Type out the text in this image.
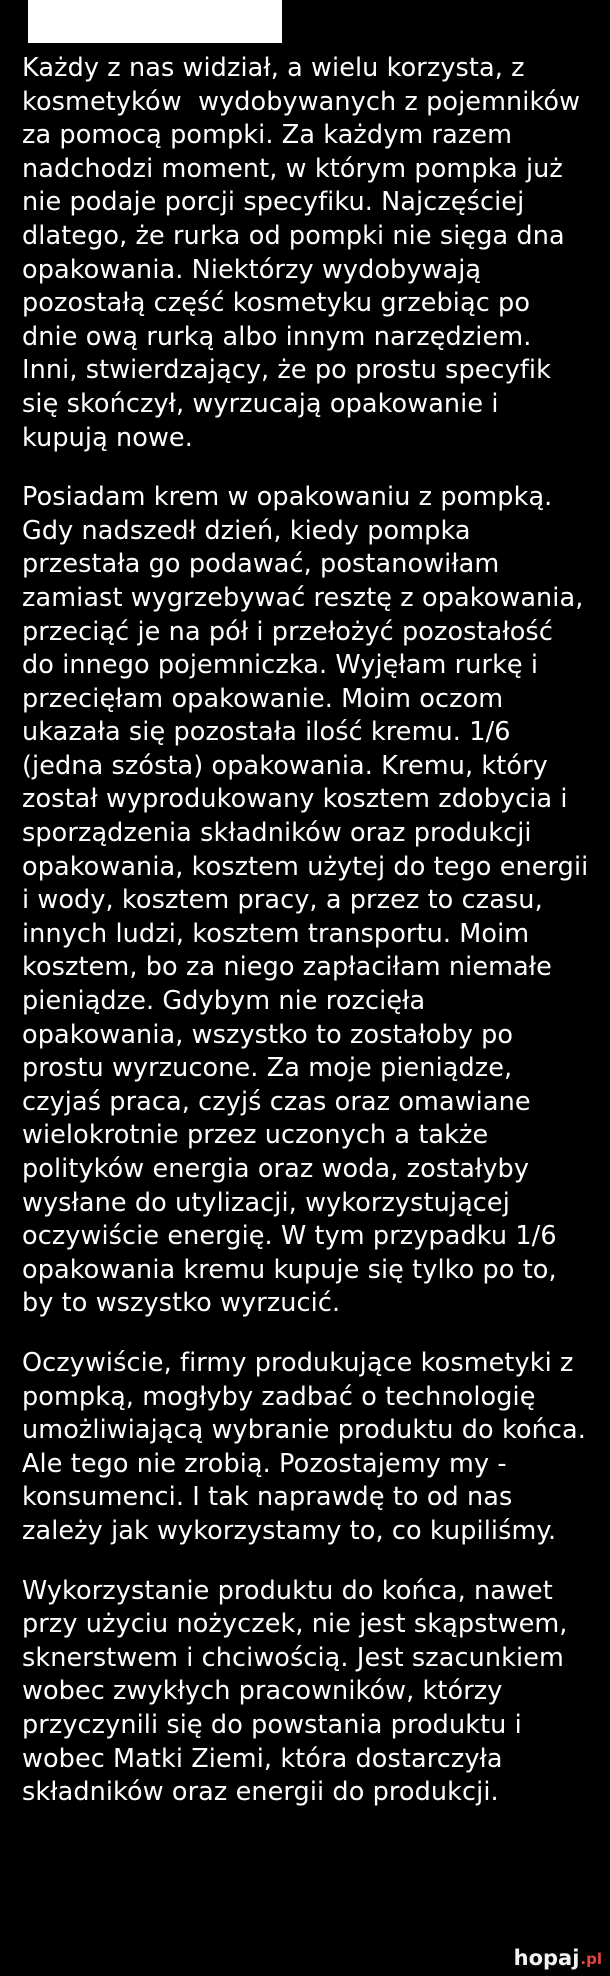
Każdy z nas widział, a wielu korzysta, z kosmetyków  wydobywanych z pojemników za pomocą pompki. Za każdym razem nadchodzi moment, w którym pompka już nie podaje porcji specyfiku. Najczęściej dlatego, że rurka od pompki nie sięga dna opakowania. Niektórzy wydobywają pozostałą część kosmetyku grzebiąc po dnie ową rurką albo innym narzędziem. Inni, stwierdzający, że po prostu specyfik się skończył, wyrzucają opakowanie i kupują nowe.

Posiadam krem w opakowaniu z pompką. Gdy nadszedł dzień, kiedy pompka przestała go podawać, postanowiłam zamiast wygrzebywać resztę z opakowania, przeciąć je na pół i przełożyć pozostałość do innego pojemniczka. Wyjęłam rurkę i przecięłam opakowanie. Moim oczom ukazała się pozostała ilość kremu. 1/6 (jedna szósta) opakowania. Kremu, który został wyprodukowany kosztem zdobycia i sporządzenia składników oraz produkcji opakowania, kosztem użytej do tego energii i wody, kosztem pracy, a przez to czasu, innych ludzi, kosztem transportu. Moim kosztem, bo za niego zapłaciłam niemałe pieniądze. Gdybym nie rozcięła opakowania, wszystko to zostałoby po prostu wyrzucone. Za moje pieniądze, czyjaś praca, czyjś czas oraz omawiane wielokrotnie przez uczonych a także polityków energia oraz woda, zostałyby wysłane do utylizacji, wykorzystującej oczywiście energię. W tym przypadku 1/6 opakowania kremu kupuje się tylko po to, by to wszystko wyrzucić.

Oczywiście, firmy produkujące kosmetyki z pompką, mogłyby zadbać o technologię umożliwiającą wybranie produktu do końca. Ale tego nie zrobią. Pozostajemy my - konsumenci. I tak naprawdę to od nas zależy jak wykorzystamy to, co kupiliśmy.

Wykorzystanie produktu do końca, nawet przy użyciu nożyczek, nie jest skąpstwem, sknerstwem i chciwością. Jest szacunkiem wobec zwykłych pracowników, którzy przyczynili się do powstania produktu i wobec Matki Ziemi, która dostarczyła składników oraz energii do produkcji.

hopaj .pl
